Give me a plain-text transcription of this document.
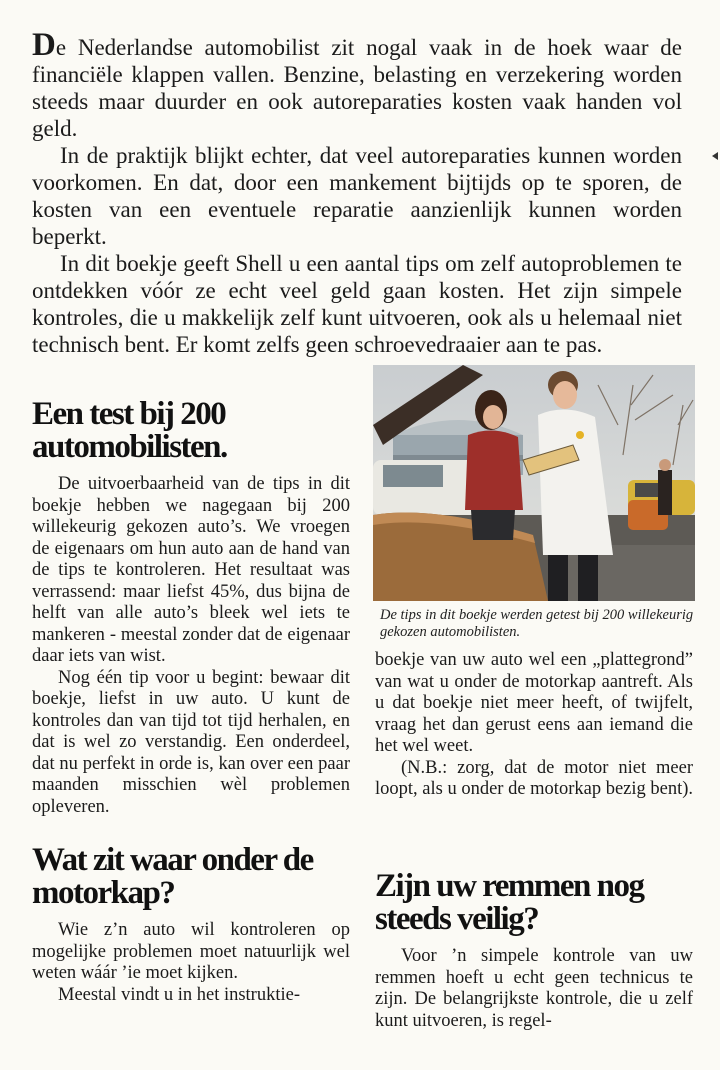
De Nederlandse automobilist zit nogal vaak in de hoek waar de financiële klappen vallen. Benzine, belasting en verzekering worden steeds maar duurder en ook autoreparaties kosten vaak handen vol geld.

In de praktijk blijkt echter, dat veel autoreparaties kunnen worden voorkomen. En dat, door een mankement bijtijds op te sporen, de kosten van een eventuele reparatie aanzienlijk kunnen worden beperkt.

In dit boekje geeft Shell u een aantal tips om zelf autoproblemen te ontdekken vóór ze echt veel geld gaan kosten. Het zijn simpele kontroles, die u makkelijk zelf kunt uitvoeren, ook als u helemaal niet technisch bent. Er komt zelfs geen schroevedraaier aan te pas.

Een test bij 200 automobilisten.

De uitvoerbaarheid van de tips in dit boekje hebben we nagegaan bij 200 willekeurig gekozen auto’s. We vroegen de eigenaars om hun auto aan de hand van de tips te kontroleren. Het resultaat was verrassend: maar liefst 45%, dus bijna de helft van alle auto’s bleek wel iets te mankeren - meestal zonder dat de eigenaar daar iets van wist.

Nog één tip voor u begint: bewaar dit boekje, liefst in uw auto. U kunt de kontroles dan van tijd tot tijd herhalen, en dat is wel zo verstandig. Een onderdeel, dat nu perfekt in orde is, kan over een paar maanden misschien wèl problemen opleveren.

Wat zit waar onder de motorkap?

Wie z’n auto wil kontroleren op mogelijke problemen moet natuurlijk wel weten wáár ’ie moet kijken.

Meestal vindt u in het instruktie-

De tips in dit boekje werden getest bij 200 willekeurig gekozen automobilisten.

boekje van uw auto wel een „plattegrond” van wat u onder de motorkap aantreft. Als u dat boekje niet meer heeft, of twijfelt, vraag het dan gerust eens aan iemand die het wel weet.

(N.B.: zorg, dat de motor niet meer loopt, als u onder de motorkap bezig bent).

Zijn uw remmen nog steeds veilig?

Voor ’n simpele kontrole van uw remmen hoeft u echt geen technicus te zijn. De belangrijkste kontrole, die u zelf kunt uitvoeren, is regel-
